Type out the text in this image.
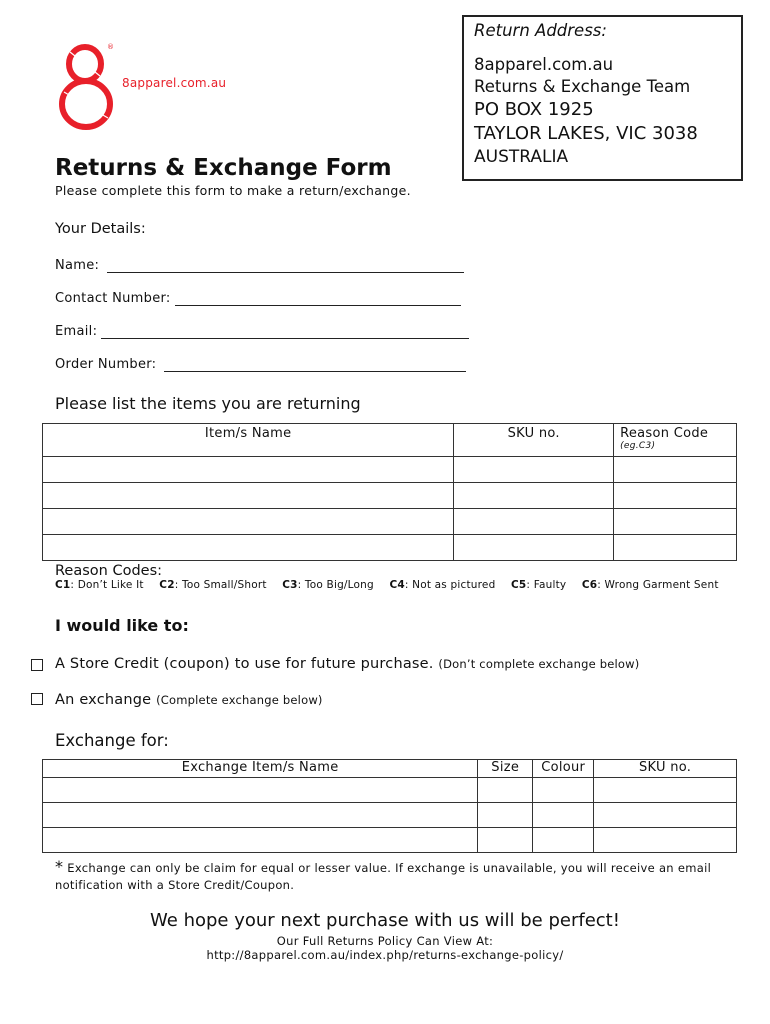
®
8apparel.com.au
Return Address:
8apparel.com.au
Returns & Exchange Team
PO BOX 1925
TAYLOR LAKES, VIC 3038
AUSTRALIA
Returns & Exchange Form
Please complete this form to make a return/exchange.
Your Details:
Name:
Contact Number:
Email:
Order Number:
Please list the items you are returning
Item/s Name	SKU no.	Reason Code
(eg.C3)

Reason Codes:
C1: Don’t Like It C2: Too Small/Short C3: Too Big/Long C4: Not as pictured C5: Faulty C6: Wrong Garment Sent
I would like to:
A Store Credit (coupon) to use for future purchase. (Don’t complete exchange below)
An exchange (Complete exchange below)
Exchange for:
Exchange Item/s Name	Size	Colour	SKU no.

* Exchange can only be claim for equal or lesser value. If exchange is unavailable, you will receive an email notification with a Store Credit/Coupon.
We hope your next purchase with us will be perfect!
Our Full Returns Policy Can View At:
http://8apparel.com.au/index.php/returns-exchange-policy/
